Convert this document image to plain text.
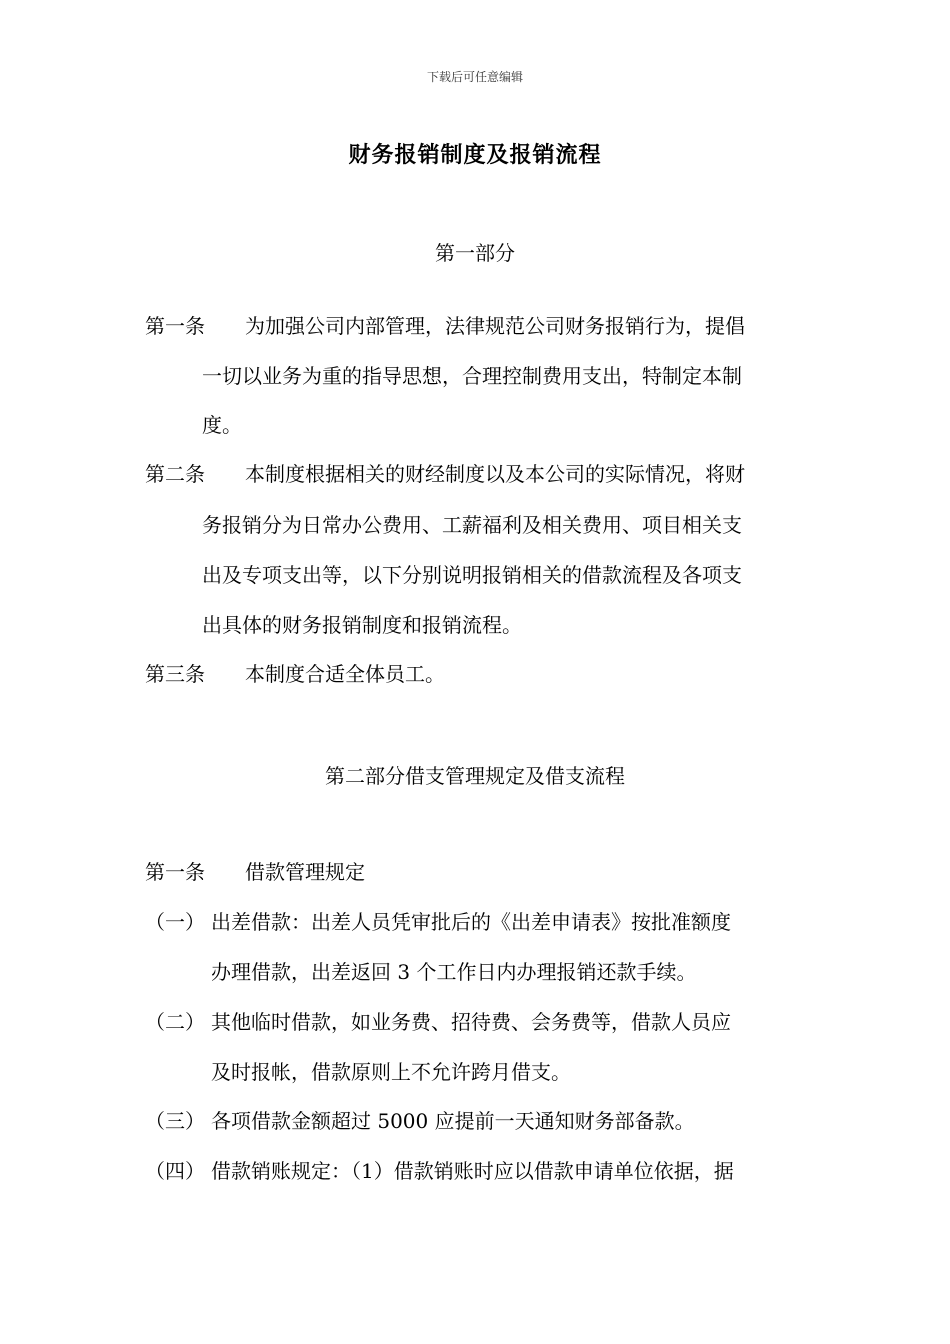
下载后可任意编辑
财务报销制度及报销流程
第一部分
第一条 为加强公司内部管理，法律规范公司财务报销行为，提倡
一切以业务为重的指导思想，合理控制费用支出，特制定本制
度。
第二条 本制度根据相关的财经制度以及本公司的实际情况，将财
务报销分为日常办公费用、工薪福利及相关费用、项目相关支
出及专项支出等，以下分别说明报销相关的借款流程及各项支
出具体的财务报销制度和报销流程。
第三条 本制度合适全体员工。
第二部分借支管理规定及借支流程
第一条 借款管理规定
（一） 出差借款：出差人员凭审批后的《出差申请表》按批准额度
办理借款，出差返回 3 个工作日内办理报销还款手续。
（二） 其他临时借款，如业务费、招待费、会务费等，借款人员应
及时报帐，借款原则上不允许跨月借支。
（三） 各项借款金额超过 5000 应提前一天通知财务部备款。
（四） 借款销账规定：（1）借款销账时应以借款申请单位依据，据
